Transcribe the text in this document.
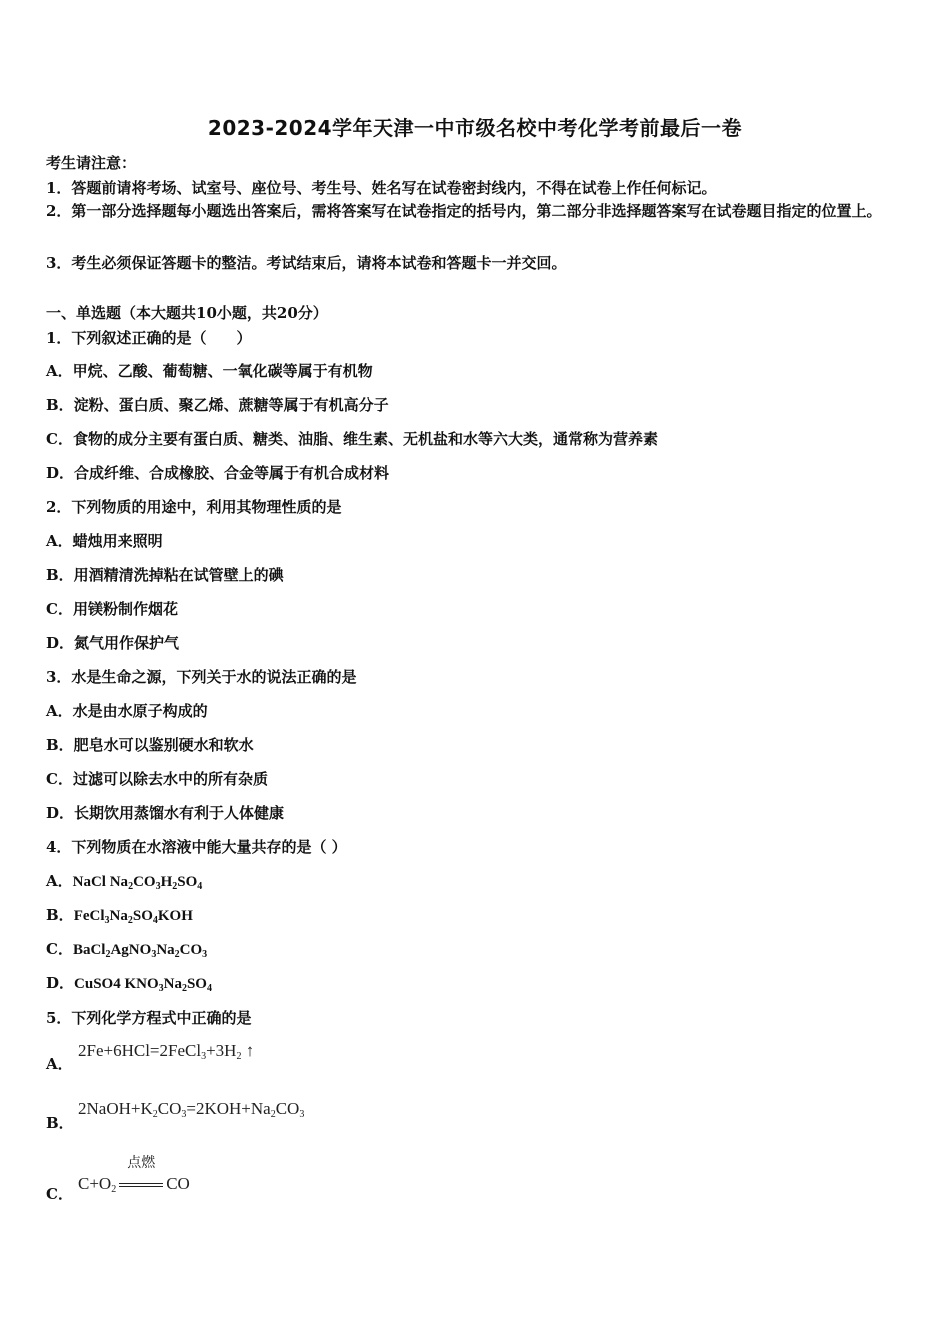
2023-2024学年天津一中市级名校中考化学考前最后一卷
考生请注意：
1．答题前请将考场、试室号、座位号、考生号、姓名写在试卷密封线内，不得在试卷上作任何标记。
2．第一部分选择题每小题选出答案后，需将答案写在试卷指定的括号内，第二部分非选择题答案写在试卷题目指定的位置上。
3．考生必须保证答题卡的整洁。考试结束后，请将本试卷和答题卡一并交回。
一、单选题（本大题共10小题，共20分）
1．下列叙述正确的是（　　）
A．甲烷、乙酸、葡萄糖、一氧化碳等属于有机物
B．淀粉、蛋白质、聚乙烯、蔗糖等属于有机高分子
C．食物的成分主要有蛋白质、糖类、油脂、维生素、无机盐和水等六大类，通常称为营养素
D．合成纤维、合成橡胶、合金等属于有机合成材料
2．下列物质的用途中，利用其物理性质的是
A．蜡烛用来照明
B．用酒精清洗掉粘在试管壁上的碘
C．用镁粉制作烟花
D．氮气用作保护气
3．水是生命之源，下列关于水的说法正确的是
A．水是由水原子构成的
B．肥皂水可以鉴别硬水和软水
C．过滤可以除去水中的所有杂质
D．长期饮用蒸馏水有利于人体健康
4．下列物质在水溶液中能大量共存的是（ ）
A．NaCl $Na_2CO_3H_2SO_4$
B．$FeCl_3Na_2SO_4KOH$
C．$BaCl_2AgNO_3Na_2CO_3$
D．CuSO4 $KNO_3Na_2SO_4$
5．下列化学方程式中正确的是
A．
$2Fe+6HCl=2FeCl_3+3H_2$ ↑
B．
$2NaOH+K_2CO_3=2KOH+Na_2CO_3$
C．
$C+O_2$
点燃
CO
